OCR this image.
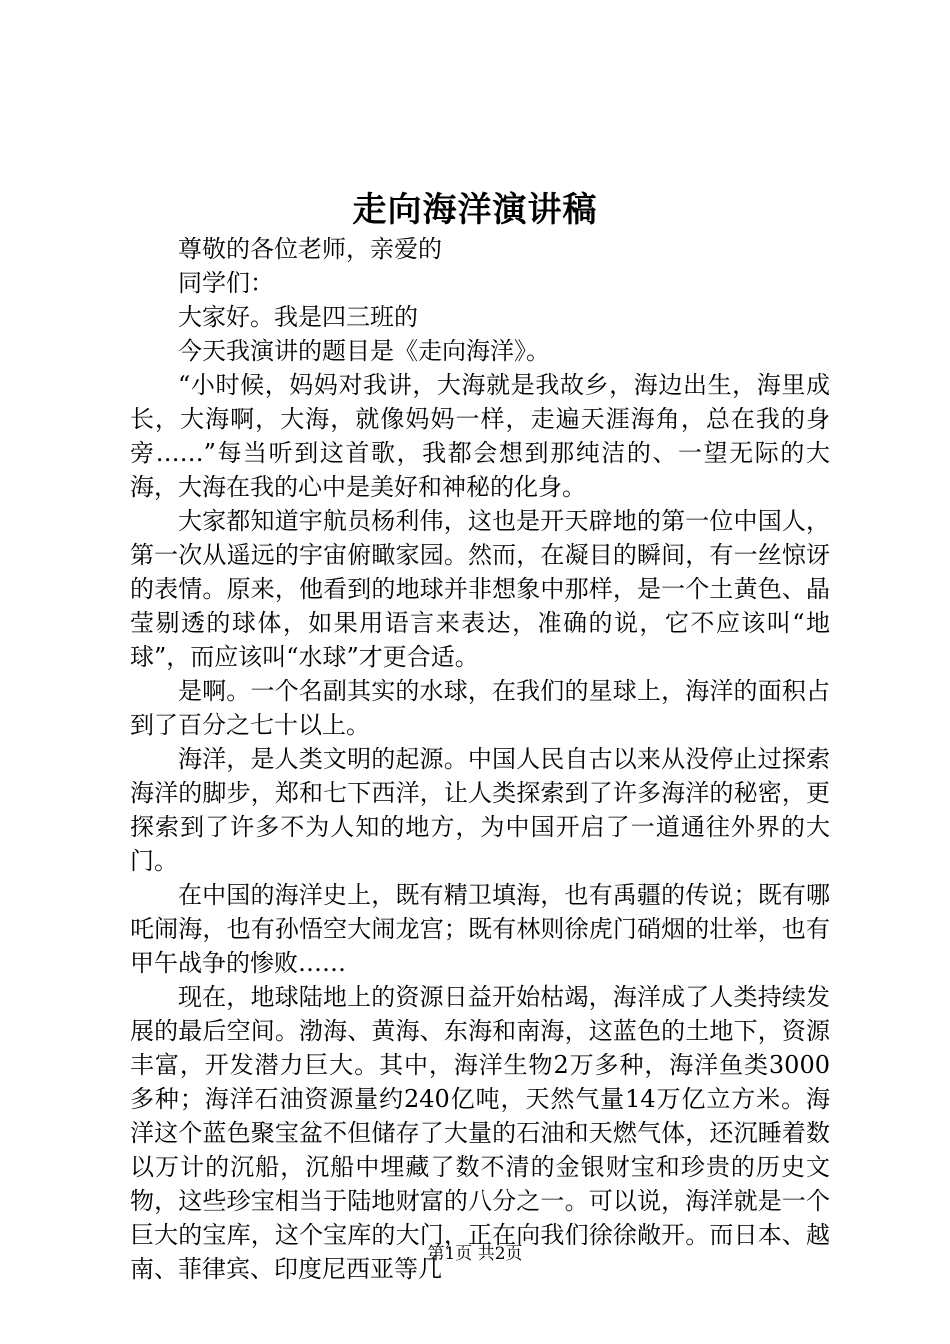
走向海洋演讲稿

尊敬的各位老师，亲爱的

同学们：

大家好。我是四三班的

今天我演讲的题目是《走向海洋》。

“小时候，妈妈对我讲，大海就是我故乡，海边出生，海里成长，大海啊，大海，就像妈妈一样，走遍天涯海角，总在我的身旁……”每当听到这首歌，我都会想到那纯洁的、一望无际的大海，大海在我的心中是美好和神秘的化身。

大家都知道宇航员杨利伟，这也是开天辟地的第一位中国人，第一次从遥远的宇宙俯瞰家园。然而，在凝目的瞬间，有一丝惊讶的表情。原来，他看到的地球并非想象中那样，是一个土黄色、晶莹剔透的球体，如果用语言来表达，准确的说，它不应该叫“地球”，而应该叫“水球”才更合适。

是啊。一个名副其实的水球，在我们的星球上，海洋的面积占到了百分之七十以上。

海洋，是人类文明的起源。中国人民自古以来从没停止过探索海洋的脚步，郑和七下西洋，让人类探索到了许多海洋的秘密，更探索到了许多不为人知的地方，为中国开启了一道通往外界的大门。

在中国的海洋史上，既有精卫填海，也有禹疆的传说；既有哪吒闹海，也有孙悟空大闹龙宫；既有林则徐虎门硝烟的壮举，也有甲午战争的惨败……

现在，地球陆地上的资源日益开始枯竭，海洋成了人类持续发展的最后空间。渤海、黄海、东海和南海，这蓝色的土地下，资源丰富，开发潜力巨大。其中，海洋生物2万多种，海洋鱼类3000多种；海洋石油资源量约240亿吨，天然气量14万亿立方米。海洋这个蓝色聚宝盆不但储存了大量的石油和天燃气体，还沉睡着数以万计的沉船，沉船中埋藏了数不清的金银财宝和珍贵的历史文物，这些珍宝相当于陆地财富的八分之一。可以说，海洋就是一个巨大的宝库，这个宝库的大门，正在向我们徐徐敞开。而日本、越南、菲律宾、印度尼西亚等几

第1页 共2页
